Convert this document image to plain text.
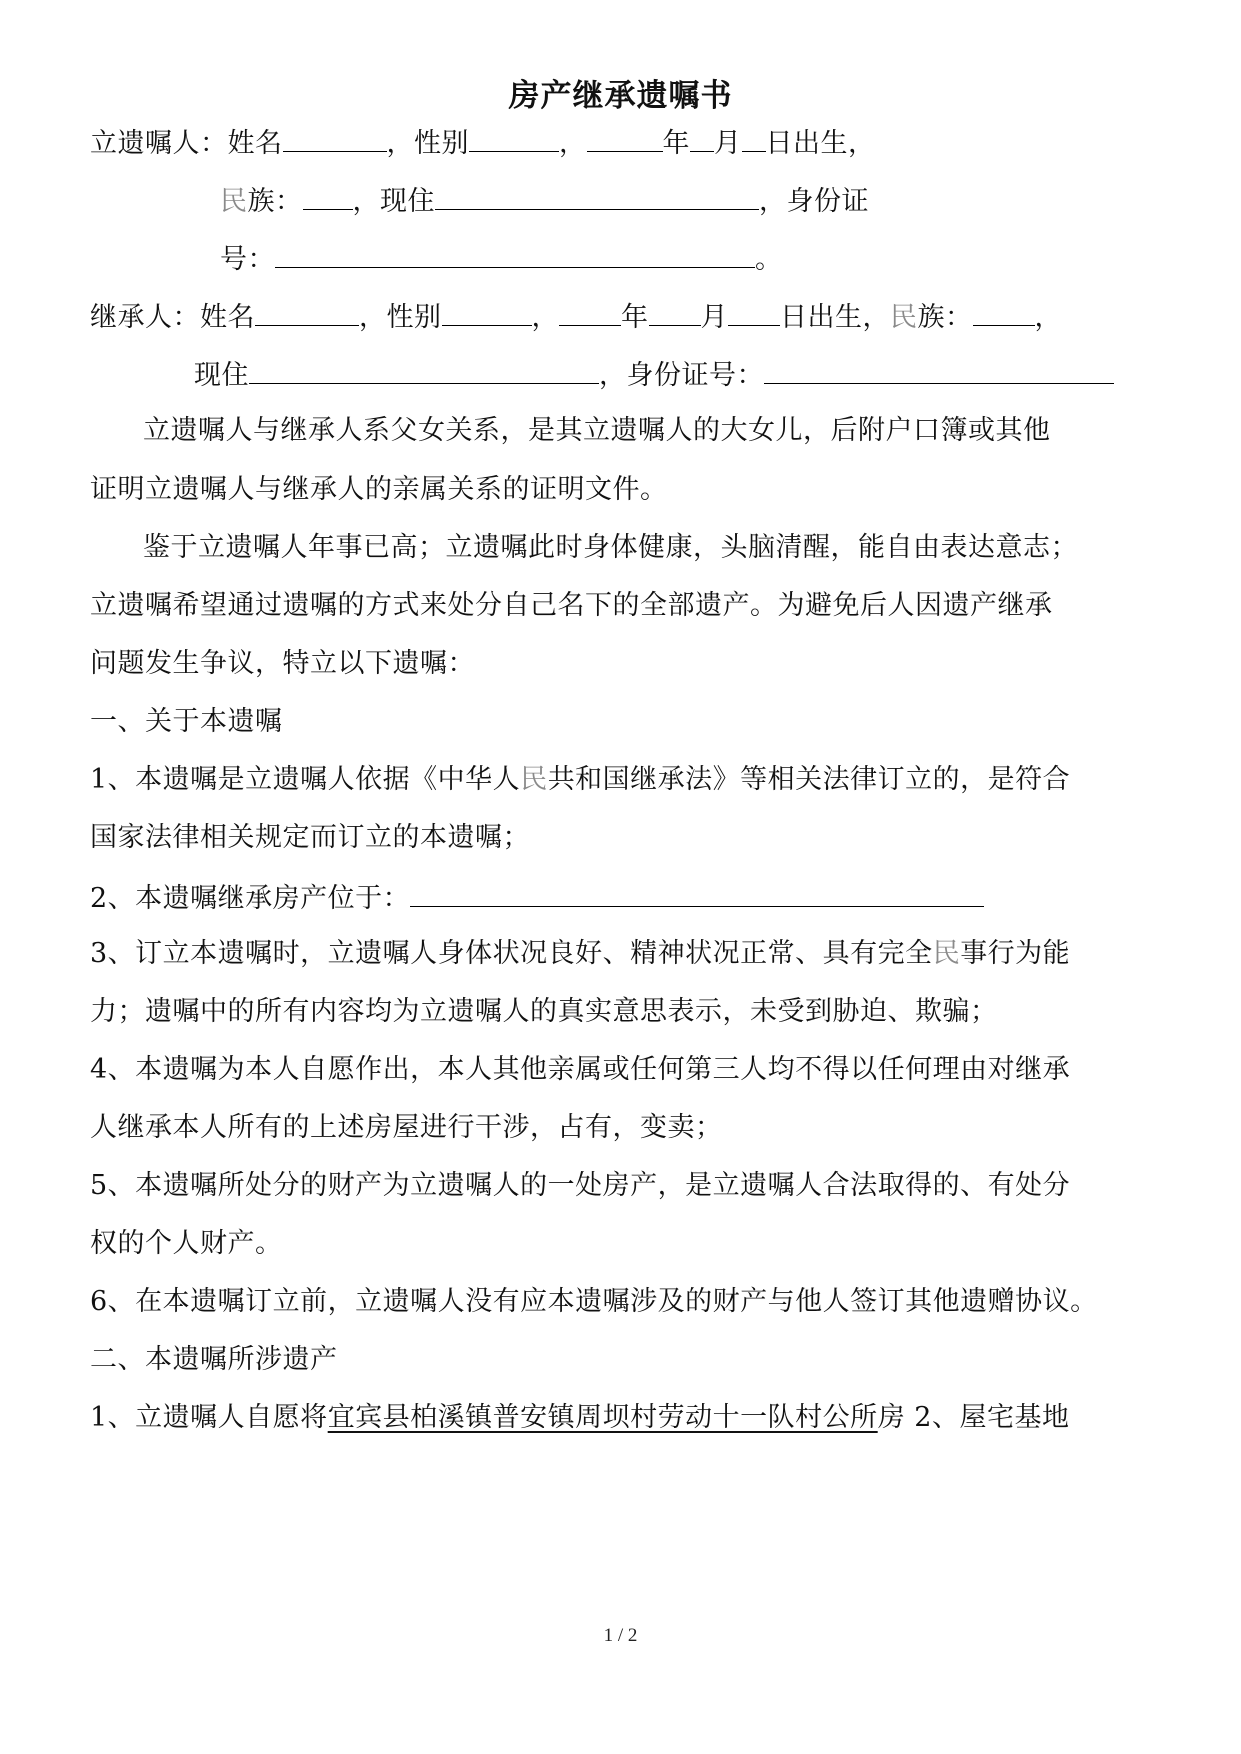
房产继承遗嘱书
立遗嘱人：姓名	，性别	，	年 月 日出生，
民族： ，现住	，身份证
号：	。
继承人：姓名	，性别	， 年 月 日出生，民族： ，
现住	，身份证号：
立遗嘱人与继承人系父女关系，是其立遗嘱人的大女儿，后附户口簿或其他
证明立遗嘱人与继承人的亲属关系的证明文件。
鉴于立遗嘱人年事已高；立遗嘱此时身体健康，头脑清醒，能自由表达意志；
立遗嘱希望通过遗嘱的方式来处分自己名下的全部遗产。为避免后人因遗产继承
问题发生争议，特立以下遗嘱：
一、关于本遗嘱
1、本遗嘱是立遗嘱人依据《中华人民共和国继承法》等相关法律订立的，是符合
国家法律相关规定而订立的本遗嘱；
2、本遗嘱继承房产位于：
3、订立本遗嘱时，立遗嘱人身体状况良好、精神状况正常、具有完全民事行为能
力；遗嘱中的所有内容均为立遗嘱人的真实意思表示，未受到胁迫、欺骗；
4、本遗嘱为本人自愿作出，本人其他亲属或任何第三人均不得以任何理由对继承
人继承本人所有的上述房屋进行干涉，占有，变卖；
5、本遗嘱所处分的财产为立遗嘱人的一处房产，是立遗嘱人合法取得的、有处分
权的个人财产。
6、在本遗嘱订立前，立遗嘱人没有应本遗嘱涉及的财产与他人签订其他遗赠协议。
二、本遗嘱所涉遗产
1、立遗嘱人自愿将宜宾县柏溪镇普安镇周坝村劳动十一队村公所房 2、屋宅基地
1 / 2
